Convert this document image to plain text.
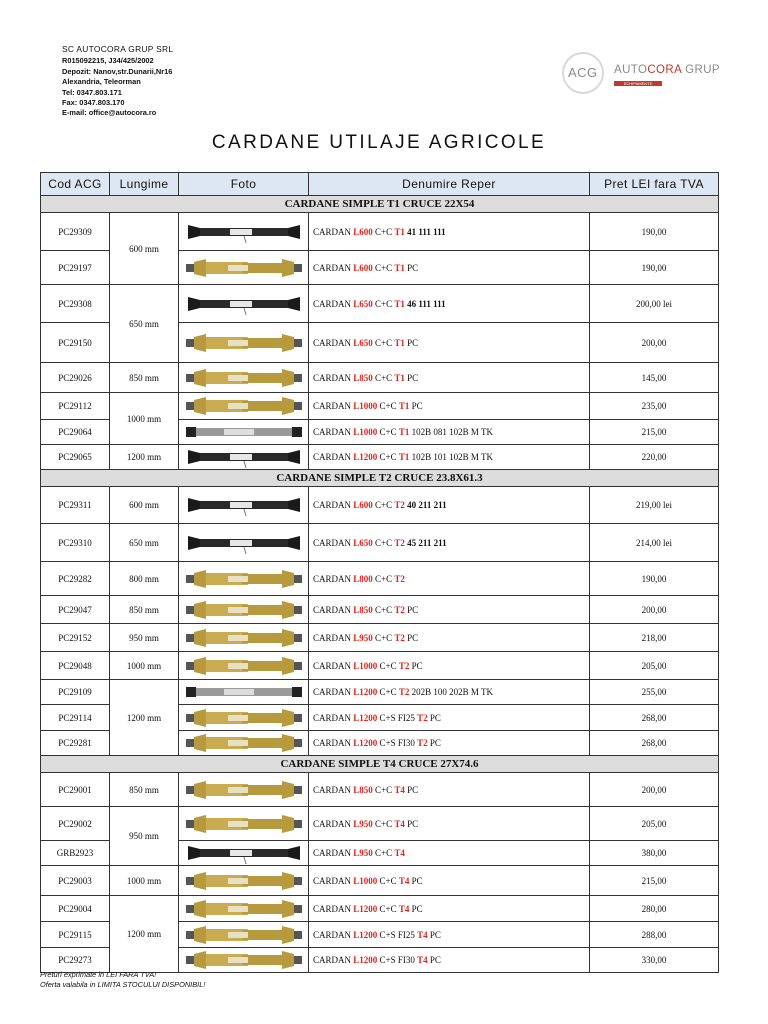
SC AUTOCORA GRUP SRL
R015092215, J34/425/2002
Depozit: Nanov,str.Dunarii,Nr16
Alexandria, Teleorman
Tel: 0347.803.171
Fax: 0347.803.170
E-mail: office@autocora.ro
ACG AUTOCORA GRUP
ECHIPAMENTE
CARDANE UTILAJE AGRICOLE
Cod ACG	Lungime	Foto	Denumire Reper	Pret LEI fara TVA
CARDANE SIMPLE T1 CRUCE 22X54				
PC29309	600 mm		CARDAN L600 C+C T1 41 111 111	190,00
PC29197			CARDAN L600 C+C T1 PC	190,00
PC29308	650 mm		CARDAN L650 C+C T1 46 111 111	200,00 lei
PC29150			CARDAN L650 C+C T1 PC	200,00
PC29026	850 mm		CARDAN L850 C+C T1 PC	145,00
PC29112	1000 mm		CARDAN L1000 C+C T1 PC	235,00
PC29064			CARDAN L1000 C+C T1 102B 081 102B M TK	215,00
PC29065	1200 mm		CARDAN L1200 C+C T1 102B 101 102B M TK	220,00
CARDANE SIMPLE T2 CRUCE 23.8X61.3				
PC29311	600 mm		CARDAN L600 C+C T2 40 211 211	219,00 lei
PC29310	650 mm		CARDAN L650 C+C T2 45 211 211	214,00 lei
PC29282	800 mm		CARDAN L800 C+C T2	190,00
PC29047	850 mm		CARDAN L850 C+C T2 PC	200,00
PC29152	950 mm		CARDAN L950 C+C T2 PC	218,00
PC29048	1000 mm		CARDAN L1000 C+C T2 PC	205,00
PC29109	1200 mm		CARDAN L1200 C+C T2 202B 100 202B M TK	255,00
PC29114			CARDAN L1200 C+S FI25 T2 PC	268,00
PC29281			CARDAN L1200 C+S FI30 T2 PC	268,00
CARDANE SIMPLE T4 CRUCE 27X74.6				
PC29001	850 mm		CARDAN L850 C+C T4 PC	200,00
PC29002	950 mm		CARDAN L950 C+C T4 PC	205,00
GRB2923			CARDAN L950 C+C T4	380,00
PC29003	1000 mm		CARDAN L1000 C+C T4 PC	215,00
PC29004	1200 mm		CARDAN L1200 C+C T4 PC	280,00
PC29115			CARDAN L1200 C+S FI25 T4 PC	288,00
PC29273			CARDAN L1200 C+S FI30 T4 PC	330,00
Preturi exprimate in LEI FARA TVA!
Oferta valabila in LIMITA STOCULUI DISPONIBIL!
